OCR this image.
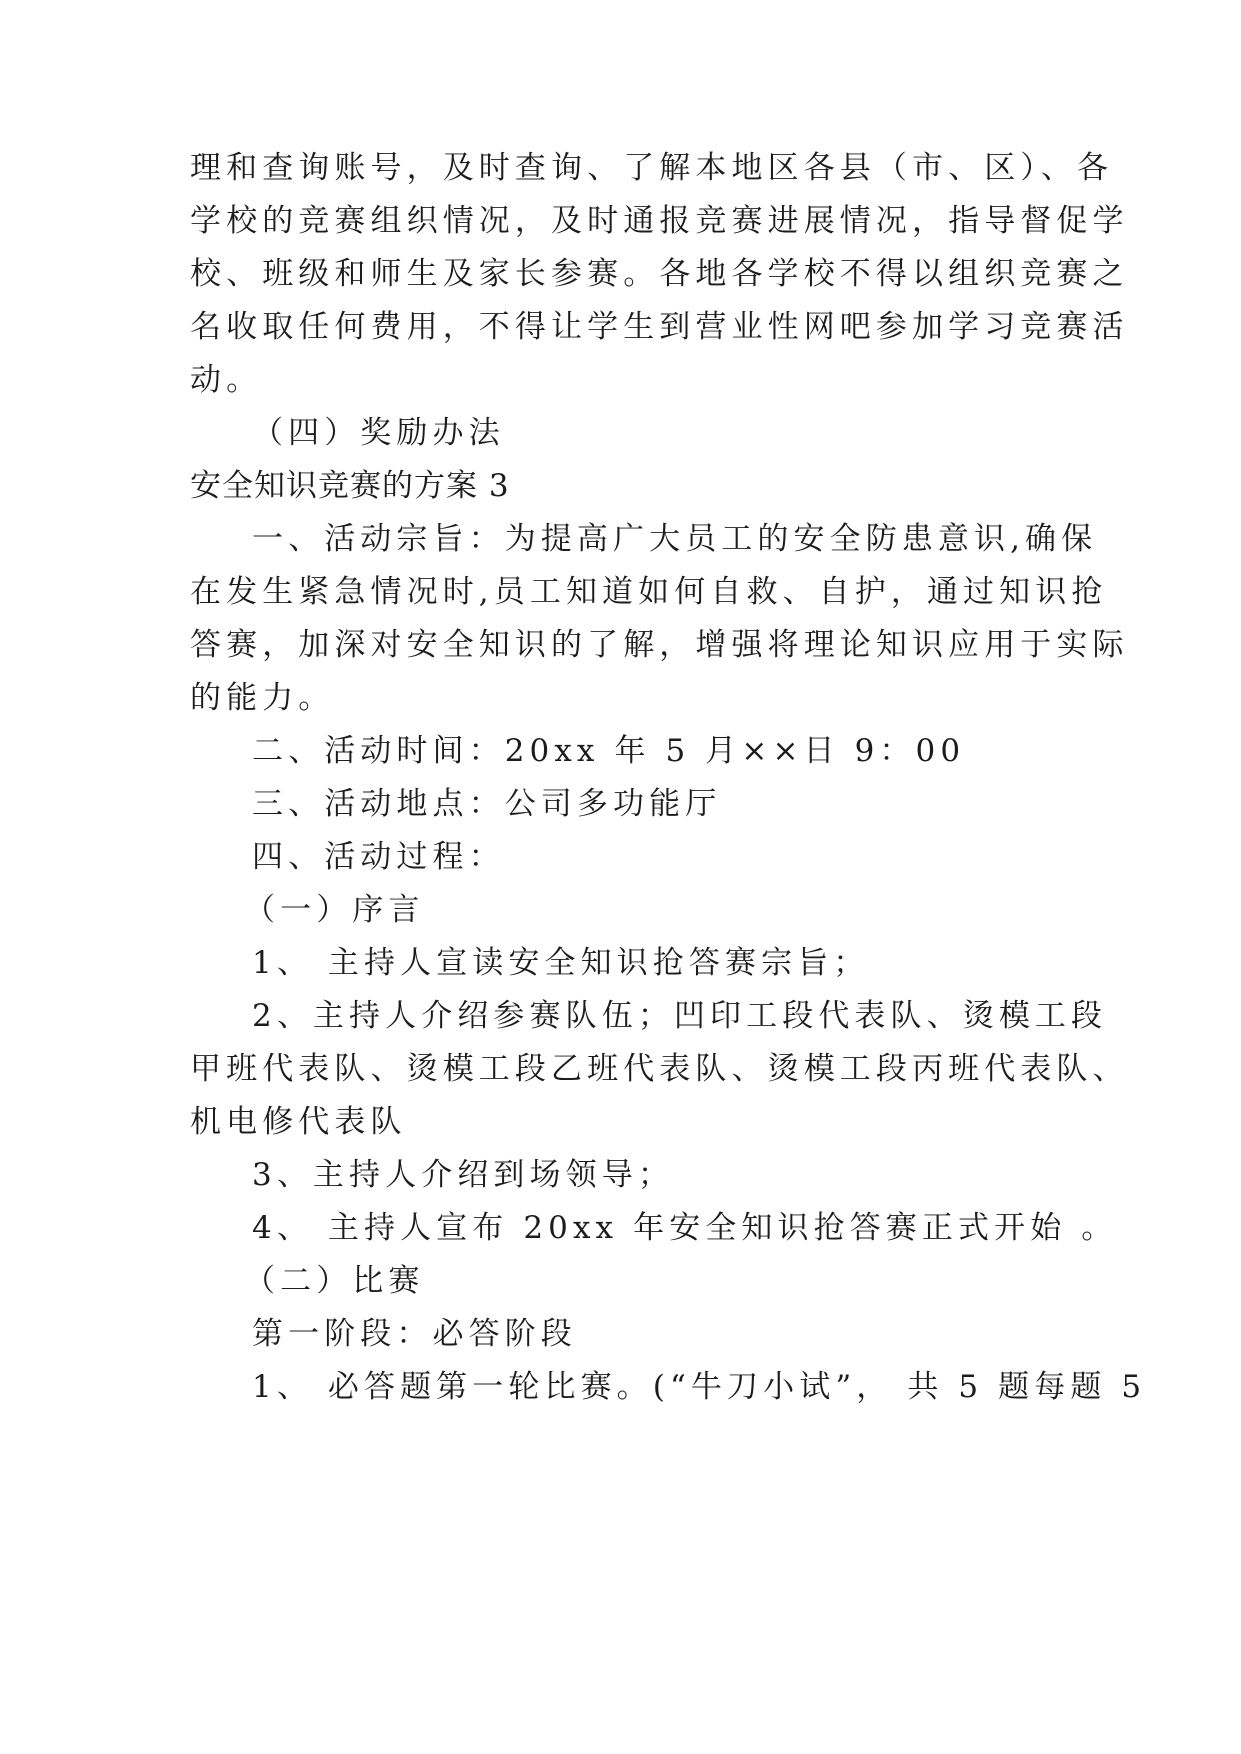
理和查询账号，及时查询、了解本地区各县（市、区）、各
学校的竞赛组织情况，及时通报竞赛进展情况，指导督促学
校、班级和师生及家长参赛。各地各学校不得以组织竞赛之
名收取任何费用，不得让学生到营业性网吧参加学习竞赛活
动。
（四）奖励办法
安全知识竞赛的方案 3
一、活动宗旨：为提高广大员工的安全防患意识,确保
在发生紧急情况时,员工知道如何自救、自护，通过知识抢
答赛，加深对安全知识的了解，增强将理论知识应用于实际
的能力。
二、活动时间：20xx 年 5 月××日 9：00
三、活动地点：公司多功能厅
四、活动过程：
（一）序言
1、 主持人宣读安全知识抢答赛宗旨；
2、主持人介绍参赛队伍；凹印工段代表队、烫模工段
甲班代表队、烫模工段乙班代表队、烫模工段丙班代表队、
机电修代表队
3、主持人介绍到场领导；
4、 主持人宣布 20xx 年安全知识抢答赛正式开始 。
（二）比赛
第一阶段：必答阶段
1、 必答题第一轮比赛。(“牛刀小试”， 共 5 题每题 5
